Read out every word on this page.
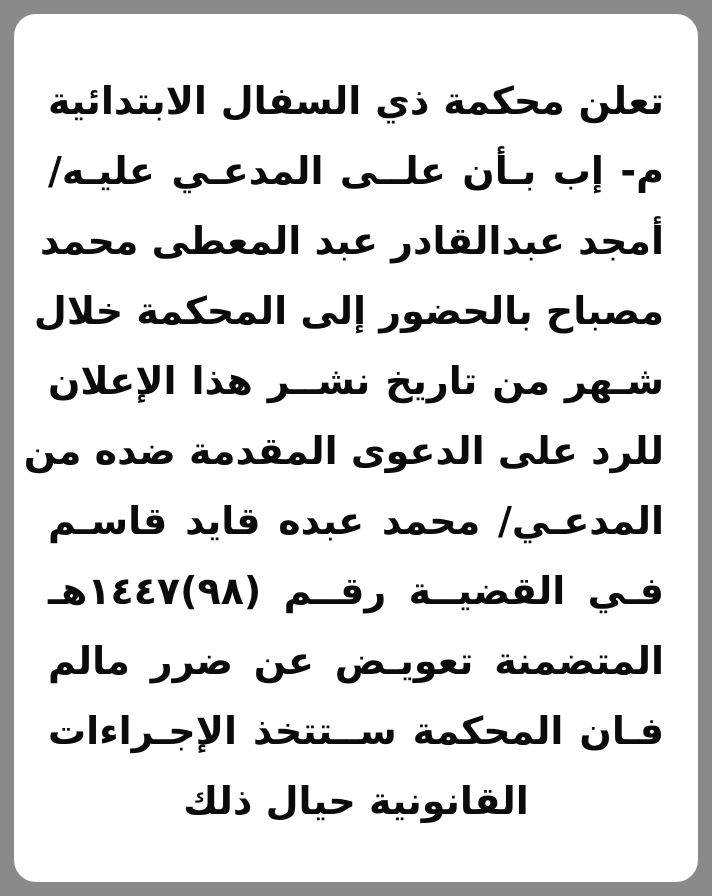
تعلن محكمة ذي السفال الابتدائية
م- إب بـأن علــى المدعـي عليـه/
أمجد عبدالقادر عبد المعطى محمد
مصباح بالحضور إلى المحكمة خلال
شـهر من تاريخ نشــر هذا الإعلان
للرد على الدعوى المقدمة ضده من
المدعـي/ محمد عبده قايد قاسـم
فـي القضيــة رقــم (٩٨)١٤٤٧هـ
المتضمنة تعويـض عن ضرر مالم
فـان المحكمة ســتتخذ الإجـراءات
القانونية حيال ذلك
